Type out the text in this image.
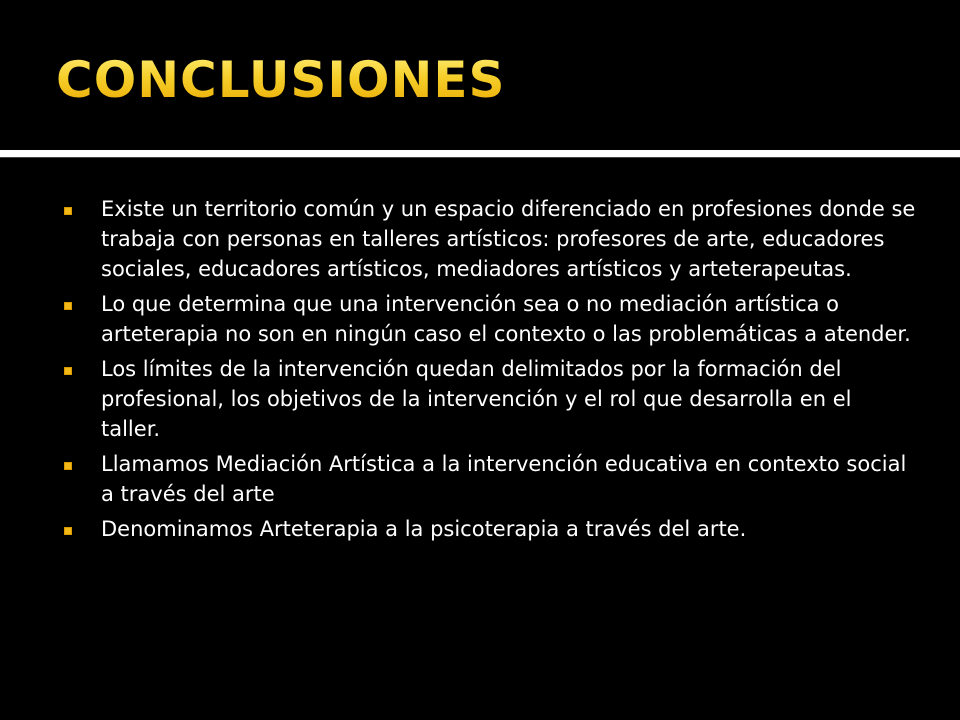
CONCLUSIONES
Existe un territorio común y un espacio diferenciado en profesiones donde se trabaja con personas en talleres artísticos: profesores de arte, educadores sociales, educadores artísticos, mediadores artísticos y arteterapeutas.
Lo que determina que una intervención sea o no mediación artística o arteterapia no son en ningún caso el contexto o las problemáticas a atender.
Los límites de la intervención quedan delimitados por la formación del profesional, los objetivos de la intervención y el rol que desarrolla en el taller.
Llamamos Mediación Artística a la intervención educativa en contexto social a través del arte
Denominamos Arteterapia a la psicoterapia a través del arte.
